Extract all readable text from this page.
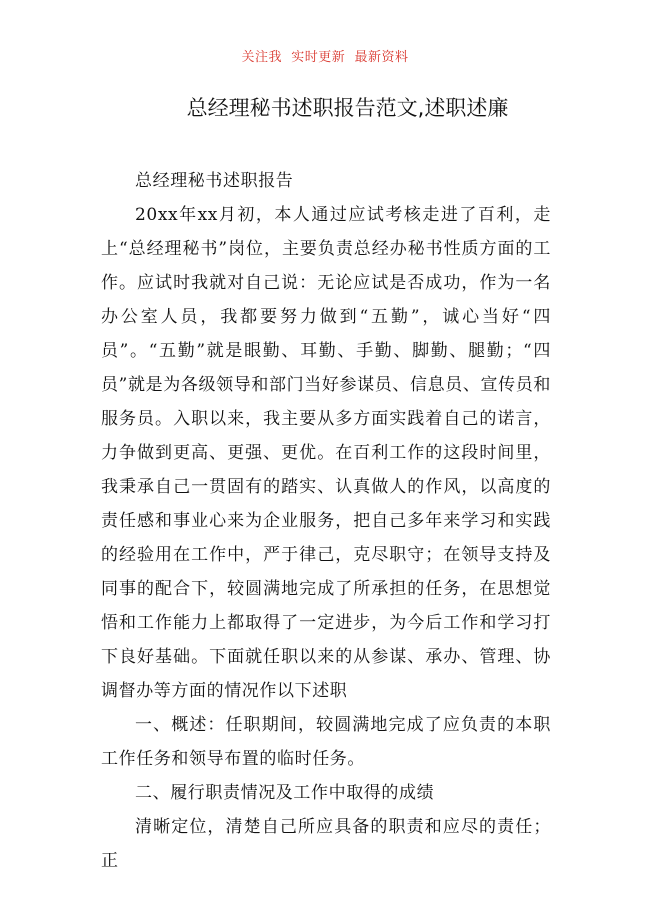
关注我  实时更新  最新资料
总经理秘书述职报告范文,述职述廉

总经理秘书述职报告

20xx年xx月初，本人通过应试考核走进了百利，走上“总经理秘书”岗位，主要负责总经办秘书性质方面的工作。应试时我就对自己说：无论应试是否成功，作为一名办公室人员，我都要努力做到“五勤”，诚心当好“四员”。“五勤”就是眼勤、耳勤、手勤、脚勤、腿勤；“四员”就是为各级领导和部门当好参谋员、信息员、宣传员和服务员。入职以来，我主要从多方面实践着自己的诺言，力争做到更高、更强、更优。在百利工作的这段时间里，我秉承自己一贯固有的踏实、认真做人的作风，以高度的责任感和事业心来为企业服务，把自己多年来学习和实践的经验用在工作中，严于律己，克尽职守；在领导支持及同事的配合下，较圆满地完成了所承担的任务，在思想觉悟和工作能力上都取得了一定进步，为今后工作和学习打下良好基础。下面就任职以来的从参谋、承办、管理、协调督办等方面的情况作以下述职

一、概述：任职期间，较圆满地完成了应负责的本职工作任务和领导布置的临时任务。

二、履行职责情况及工作中取得的成绩

清晰定位，清楚自己所应具备的职责和应尽的责任；正
